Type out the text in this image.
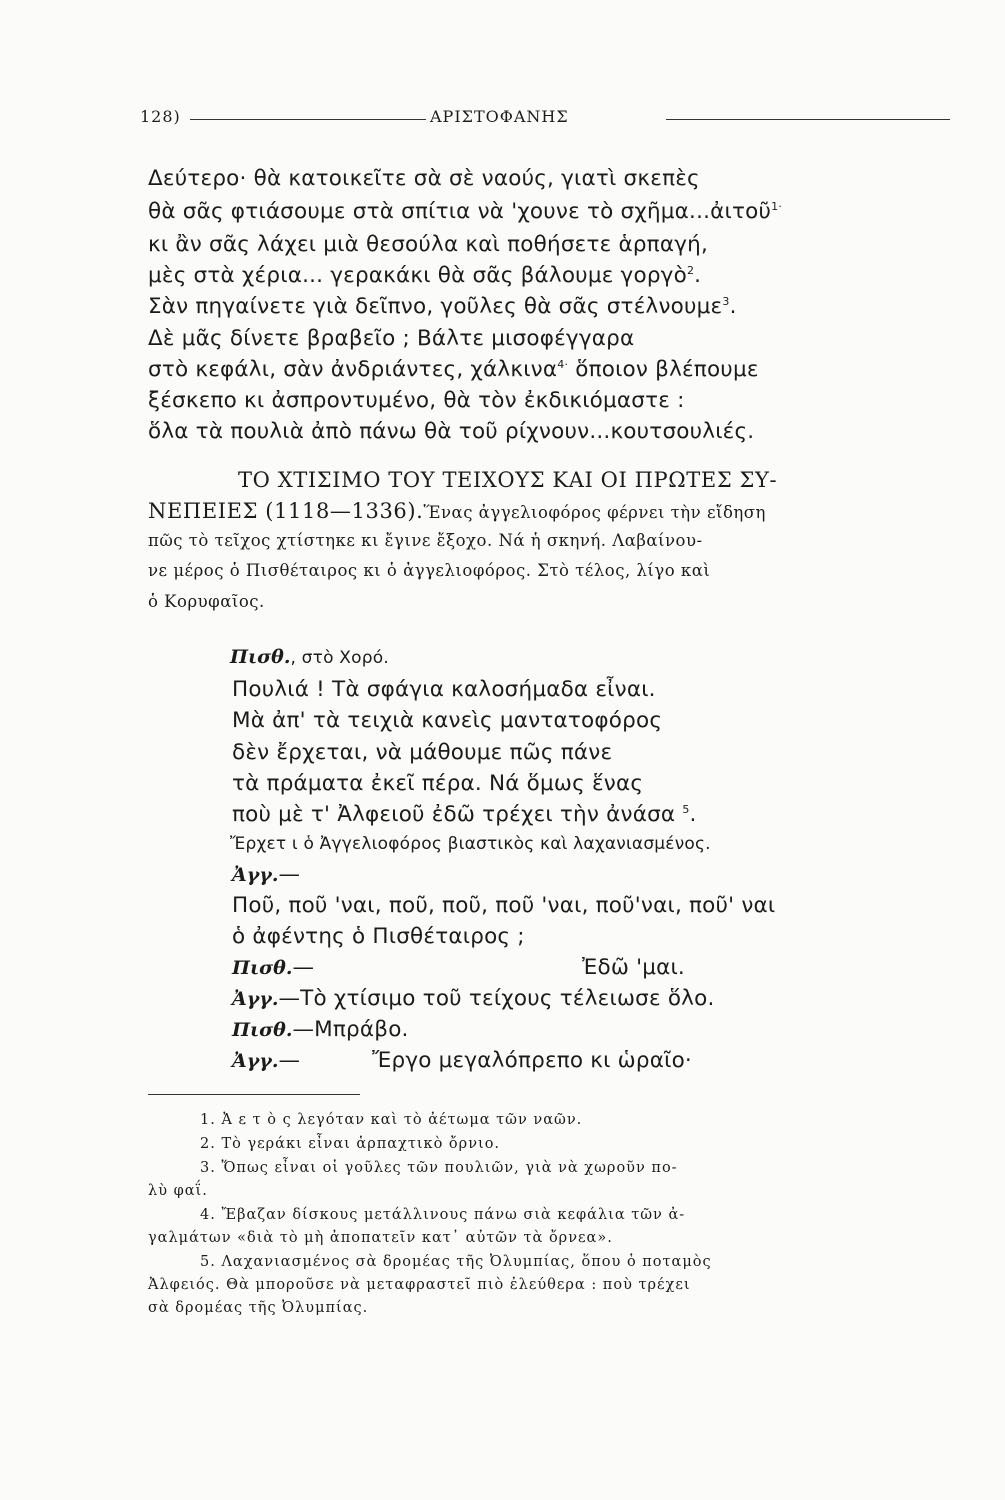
128)	ΑΡΙΣΤΟΦΑΝΗΣ
Δεύτερο· θὰ κατοικεῖτε σὰ σὲ ναούς, γιατὶ σκεπὲς
θὰ σᾶς φτιάσουμε στὰ σπίτια νὰ 'χουνε τὸ σχῆμα...ἀιτοῦ$^{1\cdot}$
κι ἂν σᾶς λάχει μιὰ θεσούλα καὶ ποθήσετε ἁρπαγή,
μὲς στὰ χέρια... γερακάκι θὰ σᾶς βάλουμε γοργὸ$^2$.
Σὰν πηγαίνετε γιὰ δεῖπνο, γοῦλες θὰ σᾶς στέλνουμε$^3$.
Δὲ μᾶς δίνετε βραβεῖο ; Βάλτε μισοφέγγαρα
στὸ κεφάλι, σὰν ἀνδριάντες, χάλκινα$^{4\cdot}$ ὅποιον βλέπουμε
ξέσκεπο κι ἀσπροντυμένο, θὰ τὸν ἐκδικιόμαστε :
ὅλα τὰ πουλιὰ ἀπὸ πάνω θὰ τοῦ ρίχνουν...κουτσουλιές.
ΤΟ ΧΤΙΣΙΜΟ ΤΟΥ ΤΕΙΧΟΥΣ ΚΑΙ ΟΙ ΠΡΩΤΕΣ ΣΥ-
ΝΕΠΕΙΕΣ (1118—1336).Ἕνας ἀγγελιοφόρος φέρνει τὴν εἴδηση
πῶς τὸ τεῖχος χτίστηκε κι ἔγινε ἔξοχο. Νά ἡ σκηνή. Λαβαίνου-
νε μέρος ὁ Πισθέταιρος κι ὁ ἀγγελιοφόρος. Στὸ τέλος, λίγο καὶ
ὁ Κορυφαῖος.
Πισθ., στὸ Χορό.
Πουλιά ! Τὰ σφάγια καλοσήμαδα εἶναι.
Μὰ ἀπ' τὰ τειχιὰ κανεὶς μαντατοφόρος
δὲν ἔρχεται, νὰ μάθουμε πῶς πάνε
τὰ πράματα ἐκεῖ πέρα. Νά ὅμως ἕνας
ποὺ μὲ τ' Ἀλφειοῦ ἐδῶ τρέχει τὴν ἀνάσα $^5$.
Ἔρχετ ι ὁ Ἀγγελιοφόρος βιαστικὸς καὶ λαχανιασμένος.
Ἀγγ.—
Ποῦ, ποῦ 'ναι, ποῦ, ποῦ, ποῦ 'ναι, ποῦ'ναι, ποῦ' ναι
ὁ ἀφέντης ὁ Πισθέταιρος ;
Πισθ.—	Ἐδῶ 'μαι.
Ἀγγ.—Τὸ χτίσιμο τοῦ τείχους τέλειωσε ὅλο.
Πισθ.—Μπράβο.
Ἀγγ.—	Ἔργο μεγαλόπρεπο κι ὡραῖο·
1. Ἀ ε τ ὸ ς λεγόταν καὶ τὸ ἀέτωμα τῶν ναῶν.
2. Τὸ γεράκι εἶναι ἁρπαχτικὸ ὄρνιο.
3. Ὅπως εἶναι οἱ γοῦλες τῶν πουλιῶν, γιὰ νὰ χωροῦν πο-
λὺ φαΐ.
4. Ἔβαζαν δίσκους μετάλλινους πάνω σιὰ κεφάλια τῶν ἀ-
γαλμάτων «διὰ τὸ μὴ ἀποπατεῖν κατ᾽ αὐτῶν τὰ ὄρνεα».
5. Λαχανιασμένος σὰ δρομέας τῆς Ὀλυμπίας, ὅπου ὁ ποταμὸς
Ἀλφειός. Θὰ μποροῦσε νὰ μεταφραστεῖ πιὸ ἐλεύθερα : ποὺ τρέχει
σὰ δρομέας τῆς Ὀλυμπίας.
